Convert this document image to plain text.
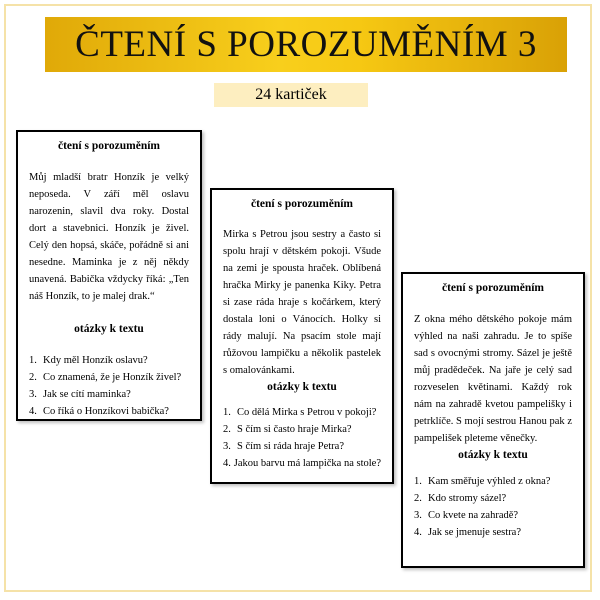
ČTENÍ S POROZUMĚNÍM 3
24 kartiček
čtení s porozuměním

Můj mladší bratr Honzík je velký neposeda. V září měl oslavu narozenin, slavil dva roky. Dostal dort a stavebnici. Honzík je živel. Celý den hopsá, skáče, pořádně si ani nesedne. Maminka je z něj někdy unavená. Babička vždycky říká: „Ten náš Honzík, to je malej drak.“

otázky k textu
1. Kdy měl Honzík oslavu?
2. Co znamená, že je Honzík živel?
3. Jak se cítí maminka?
4. Co říká o Honzíkovi babička?
čtení s porozuměním

Mirka s Petrou jsou sestry a často si spolu hrají v dětském pokoji. Všude na zemi je spousta hraček. Oblíbená hračka Mirky je panenka Kiky. Petra si zase ráda hraje s kočárkem, který dostala loni o Vánocích. Holky si rády malují. Na psacím stole mají růžovou lampičku a několik pastelek s omalovánkami.

otázky k textu
1. Co dělá Mirka s Petrou v pokoji?
2. S čím si často hraje Mirka?
3. S čím si ráda hraje Petra?
4. Jakou barvu má lampička na stole?
čtení s porozuměním

Z okna mého dětského pokoje mám výhled na naši zahradu. Je to spíše sad s ovocnými stromy. Sázel je ještě můj pradědeček. Na jaře je celý sad rozveselen květinami. Každý rok nám na zahradě kvetou pampelišky i petrklíče. S mojí sestrou Hanou pak z pampelišek pleteme věnečky.

otázky k textu
1. Kam směřuje výhled z okna?
2. Kdo stromy sázel?
3. Co kvete na zahradě?
4. Jak se jmenuje sestra?
